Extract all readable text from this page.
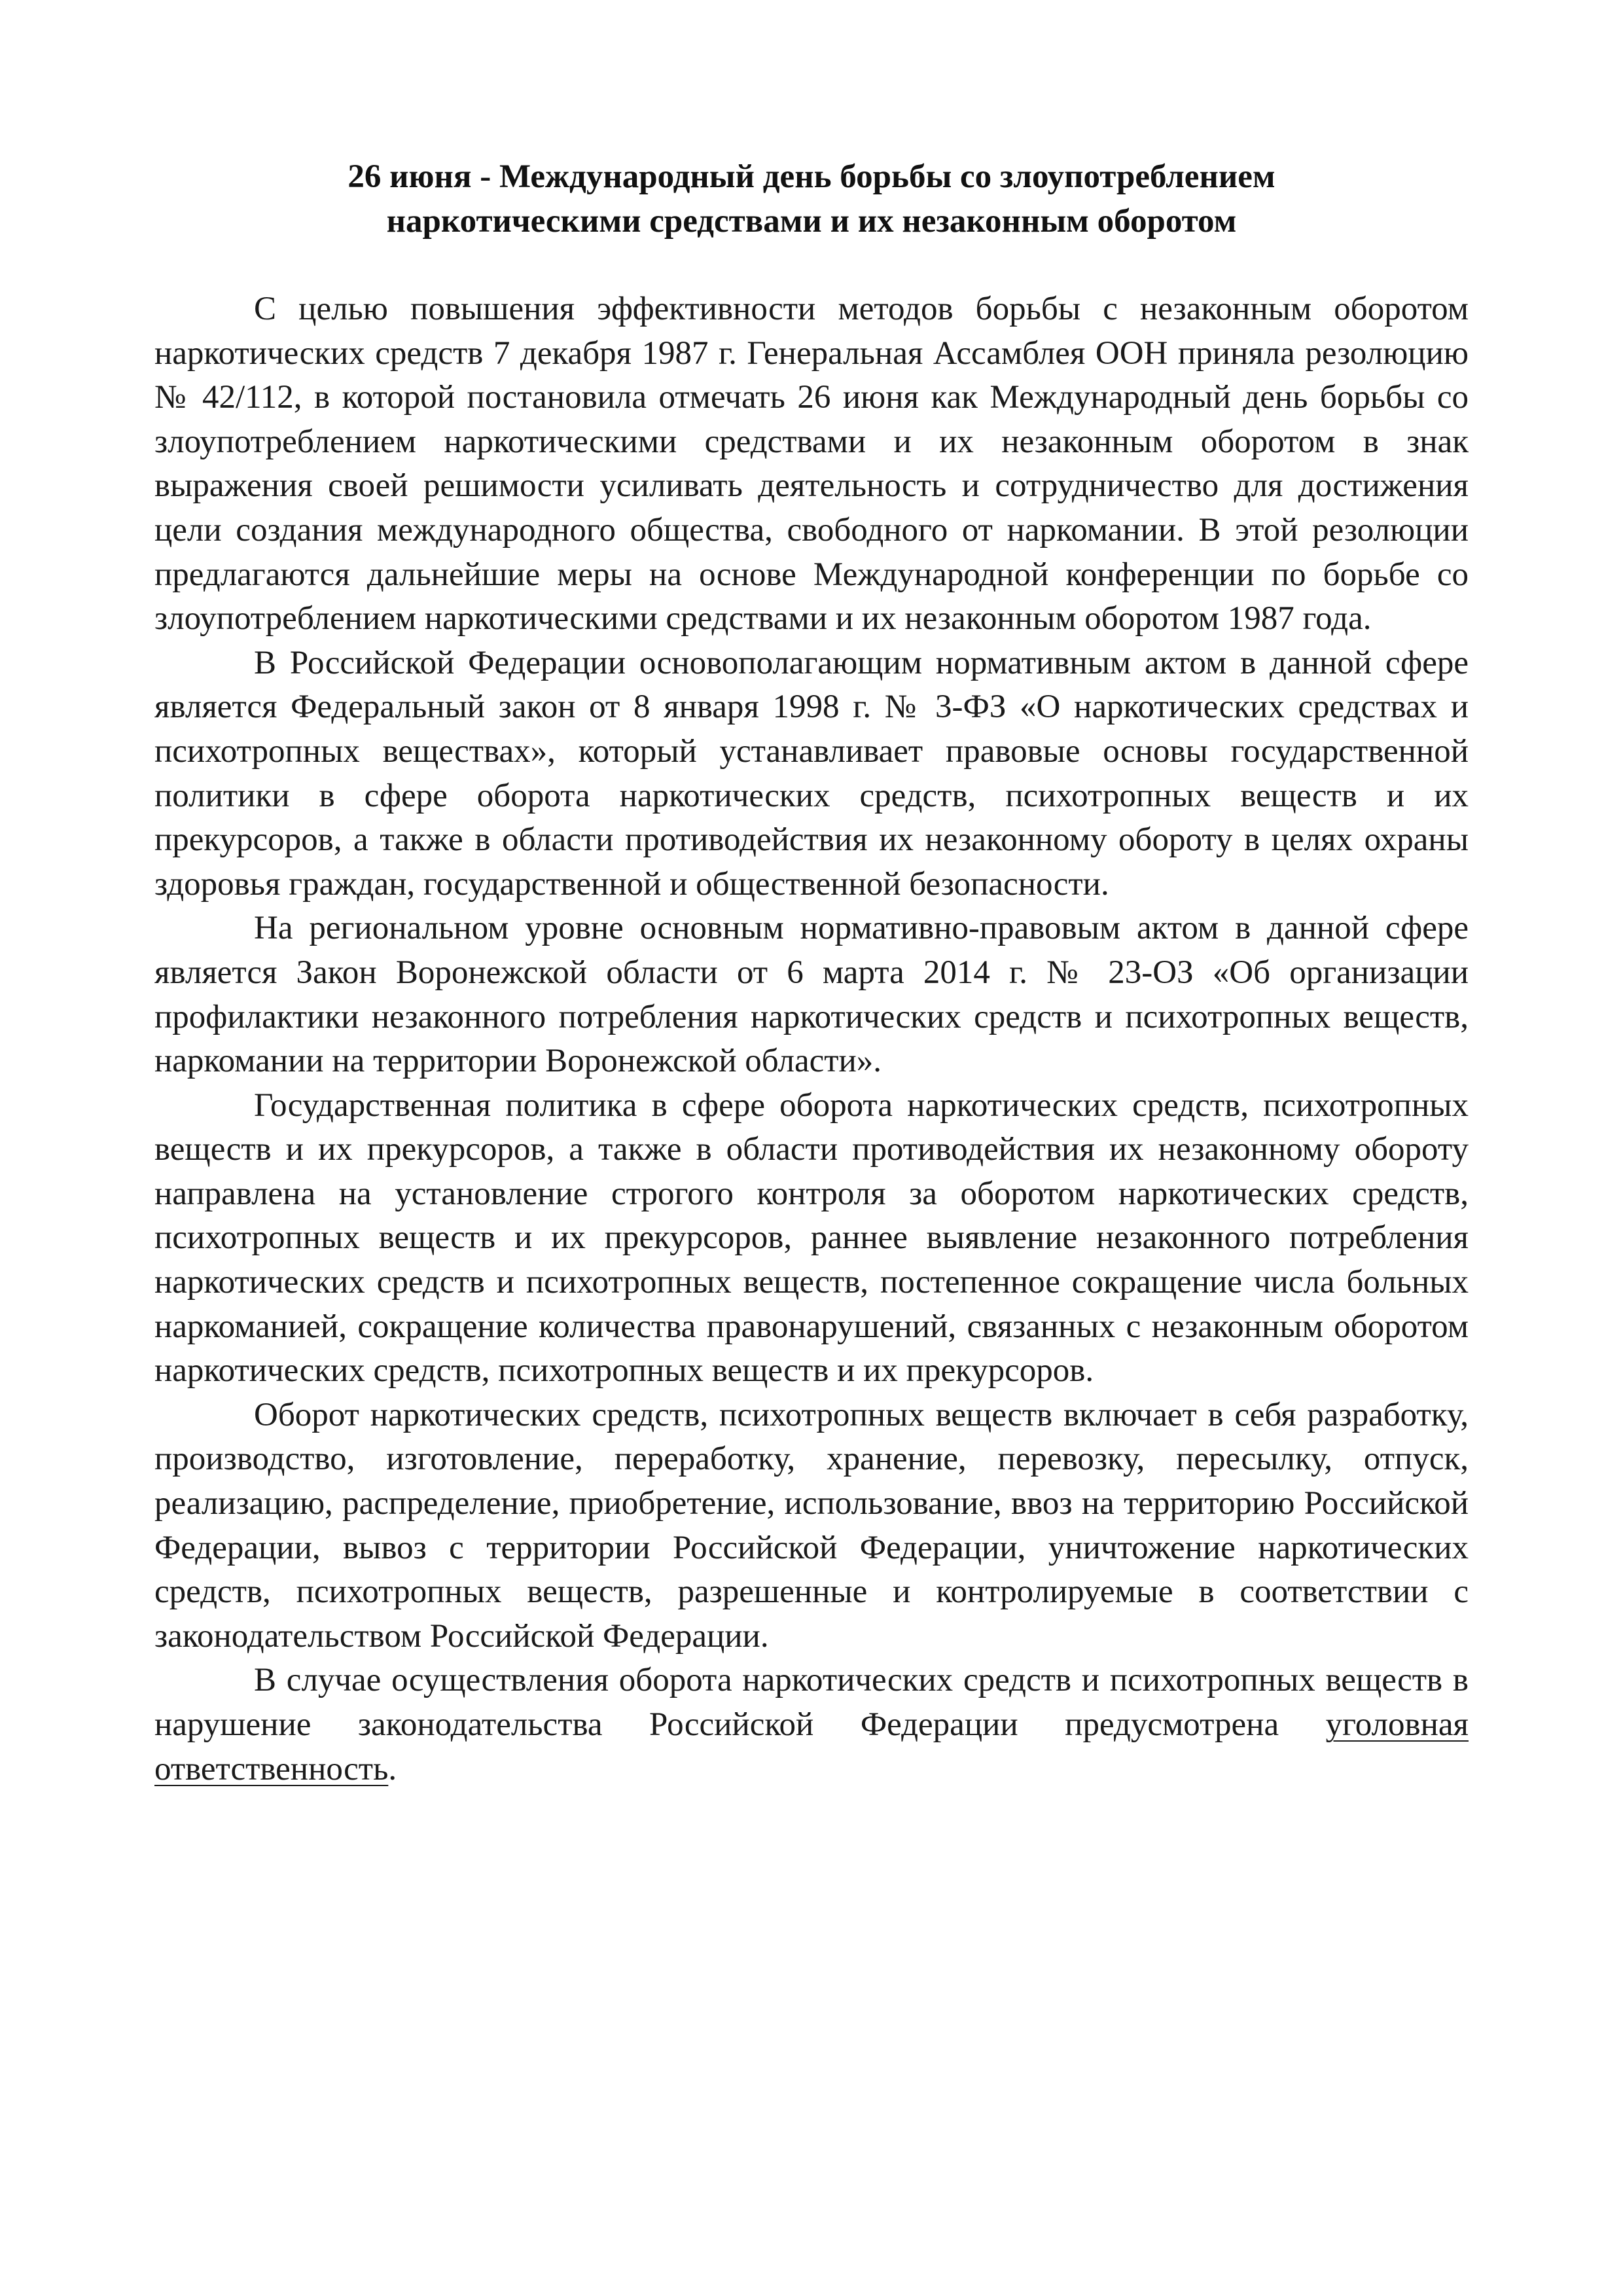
26 июня - Международный день борьбы со злоупотреблением
наркотическими средствами и их незаконным оборотом

С целью повышения эффективности методов борьбы с незаконным оборотом наркотических средств 7 декабря 1987 г. Генеральная Ассамблея ООН приняла резолюцию № 42/112, в которой постановила отмечать 26 июня как Международный день борьбы со злоупотреблением наркотическими средствами и их незаконным оборотом в знак выражения своей решимости усиливать деятельность и сотрудничество для достижения цели создания международного общества, свободного от наркомании. В этой резолюции предлагаются дальнейшие меры на основе Международной конференции по борьбе со злоупотреблением наркотическими средствами и их незаконным оборотом 1987 года.

В Российской Федерации основополагающим нормативным актом в данной сфере является Федеральный закон от 8 января 1998 г. № 3-ФЗ «О наркотических средствах и психотропных веществах», который устанавливает правовые основы государственной политики в сфере оборота наркотических средств, психотропных веществ и их прекурсоров, а также в области противодействия их незаконному обороту в целях охраны здоровья граждан, государственной и общественной безопасности.

На региональном уровне основным нормативно-правовым актом в данной сфере является Закон Воронежской области от 6 марта 2014 г. № 23-ОЗ «Об организации профилактики незаконного потребления наркотических средств и психотропных веществ, наркомании на территории Воронежской области».

Государственная политика в сфере оборота наркотических средств, психотропных веществ и их прекурсоров, а также в области противодействия их незаконному обороту направлена на установление строгого контроля за оборотом наркотических средств, психотропных веществ и их прекурсоров, раннее выявление незаконного потребления наркотических средств и психотропных веществ, постепенное сокращение числа больных наркоманией, сокращение количества правонарушений, связанных с незаконным оборотом наркотических средств, психотропных веществ и их прекурсоров.

Оборот наркотических средств, психотропных веществ включает в себя разработку, производство, изготовление, переработку, хранение, перевозку, пересылку, отпуск, реализацию, распределение, приобретение, использование, ввоз на территорию Российской Федерации, вывоз с территории Российской Федерации, уничтожение наркотических средств, психотропных веществ, разрешенные и контролируемые в соответствии с законодательством Российской Федерации.

В случае осуществления оборота наркотических средств и психотропных веществ в нарушение законодательства Российской Федерации предусмотрена уголовная ответственность.
